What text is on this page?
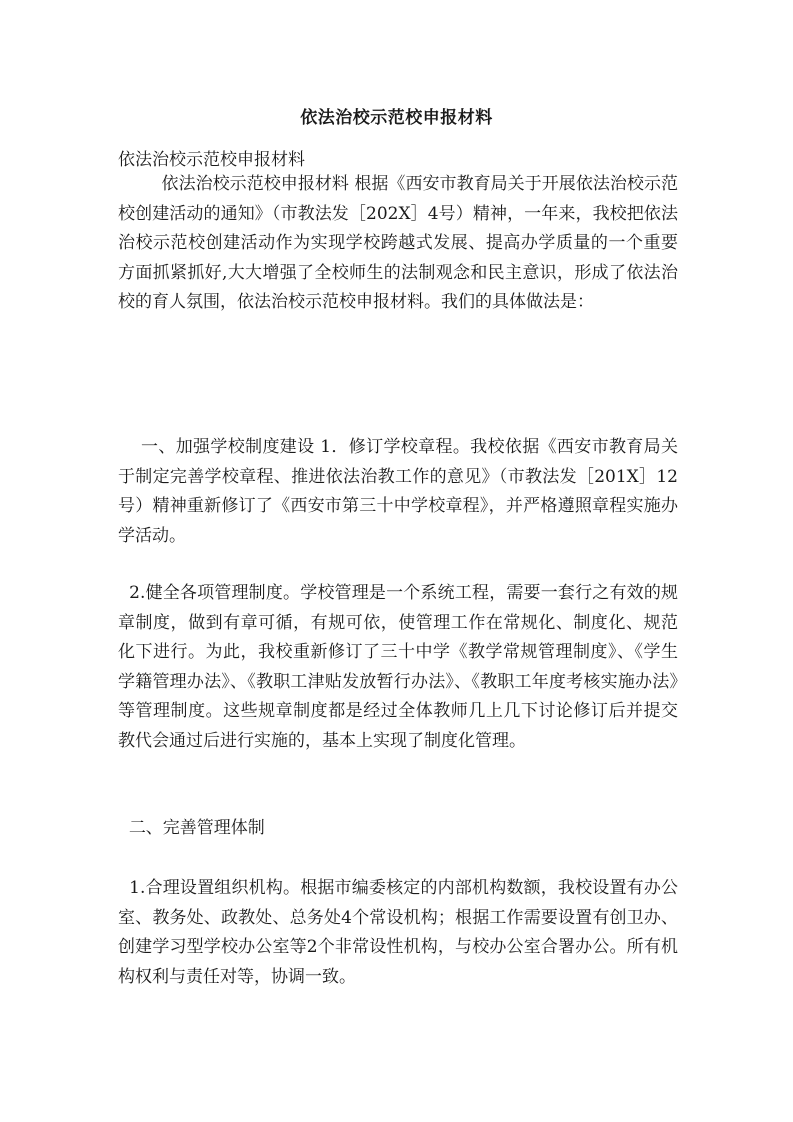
依法治校示范校申报材料
依法治校示范校申报材料

依法治校示范校申报材料 根据《西安市教育局关于开展依法治校示范校创建活动的通知》（市教法发［202X］4号）精神，一年来，我校把依法治校示范校创建活动作为实现学校跨越式发展、提高办学质量的一个重要方面抓紧抓好,大大增强了全校师生的法制观念和民主意识，形成了依法治校的育人氛围，依法治校示范校申报材料。我们的具体做法是：

一、加强学校制度建设 1．修订学校章程。我校依据《西安市教育局关于制定完善学校章程、推进依法治教工作的意见》（市教法发［201X］12号）精神重新修订了《西安市第三十中学校章程》，并严格遵照章程实施办学活动。

2.健全各项管理制度。学校管理是一个系统工程，需要一套行之有效的规章制度，做到有章可循，有规可依，使管理工作在常规化、制度化、规范化下进行。为此，我校重新修订了三十中学《教学常规管理制度》、《学生学籍管理办法》、《教职工津贴发放暂行办法》、《教职工年度考核实施办法》等管理制度。这些规章制度都是经过全体教师几上几下讨论修订后并提交教代会通过后进行实施的，基本上实现了制度化管理。

二、完善管理体制

1.合理设置组织机构。根据市编委核定的内部机构数额，我校设置有办公室、教务处、政教处、总务处4个常设机构；根据工作需要设置有创卫办、创建学习型学校办公室等2个非常设性机构，与校办公室合署办公。所有机构权利与责任对等，协调一致。
